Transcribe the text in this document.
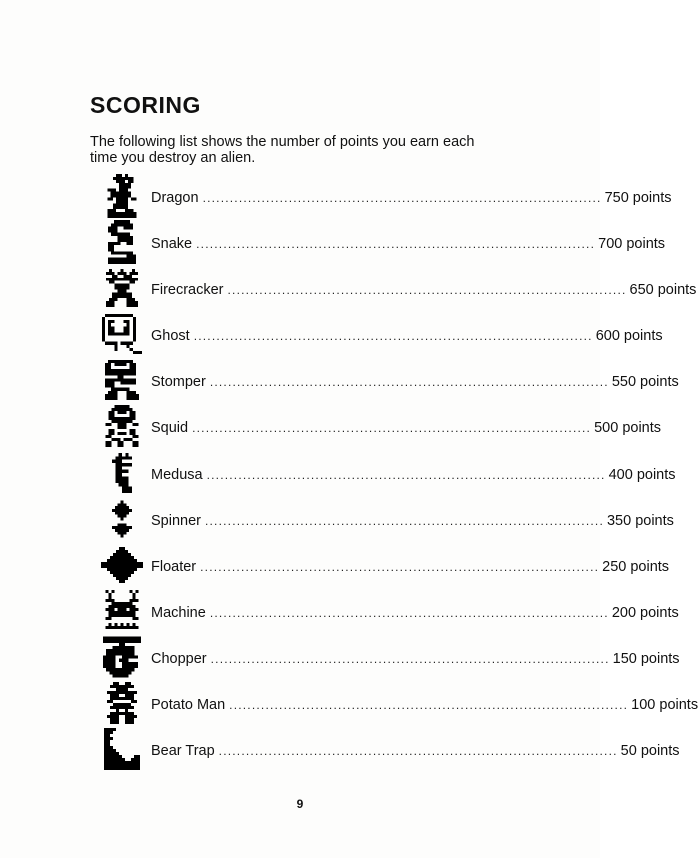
SCORING
The following list shows the number of points you earn each time you destroy an alien.
Dragon ........................................................................................ 750 points
Snake ........................................................................................ 700 points
Firecracker ........................................................................................ 650 points
Ghost ........................................................................................ 600 points
Stomper ........................................................................................ 550 points
Squid ........................................................................................ 500 points
Medusa ........................................................................................ 400 points
Spinner ........................................................................................ 350 points
Floater ........................................................................................ 250 points
Machine ........................................................................................ 200 points
Chopper ........................................................................................ 150 points
Potato Man ........................................................................................ 100 points
Bear Trap ........................................................................................ 50 points
9
